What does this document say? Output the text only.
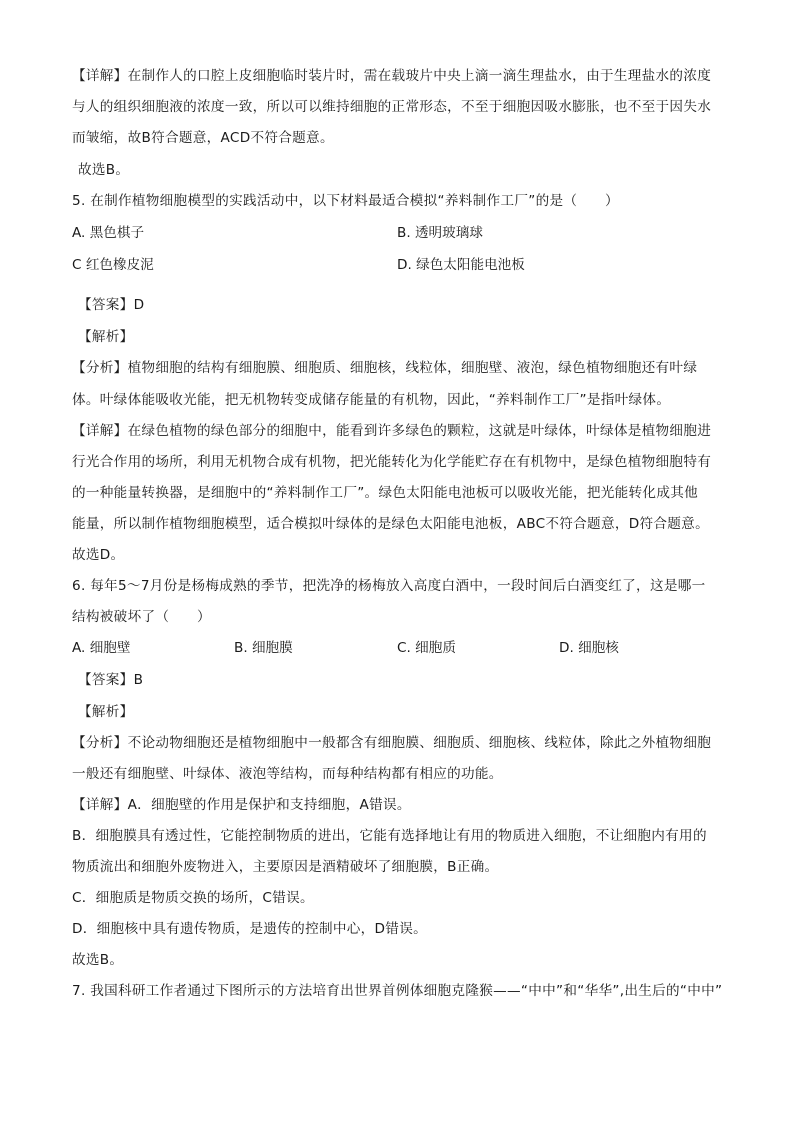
【详解】在制作人的口腔上皮细胞临时装片时，需在载玻片中央上滴一滴生理盐水，由于生理盐水的浓度
与人的组织细胞液的浓度一致，所以可以维持细胞的正常形态，不至于细胞因吸水膨胀，也不至于因失水
而皱缩，故B符合题意，ACD不符合题意。
故选B。
5. 在制作植物细胞模型的实践活动中，以下材料最适合模拟“养料制作工厂”的是（　　）
A. 黑色棋子	B. 透明玻璃球
C 红色橡皮泥	D. 绿色太阳能电池板
【答案】D
【解析】
【分析】植物细胞的结构有细胞膜、细胞质、细胞核，线粒体，细胞壁、液泡，绿色植物细胞还有叶绿
体。叶绿体能吸收光能，把无机物转变成储存能量的有机物，因此，“养料制作工厂”是指叶绿体。
【详解】在绿色植物的绿色部分的细胞中，能看到许多绿色的颗粒，这就是叶绿体，叶绿体是植物细胞进
行光合作用的场所，利用无机物合成有机物，把光能转化为化学能贮存在有机物中，是绿色植物细胞特有
的一种能量转换器，是细胞中的“养料制作工厂”。绿色太阳能电池板可以吸收光能，把光能转化成其他
能量，所以制作植物细胞模型，适合模拟叶绿体的是绿色太阳能电池板，ABC不符合题意，D符合题意。
故选D。
6. 每年5～7月份是杨梅成熟的季节，把洗净的杨梅放入高度白酒中，一段时间后白酒变红了，这是哪一
结构被破坏了（　　）
A. 细胞壁	B. 细胞膜	C. 细胞质	D. 细胞核
【答案】B
【解析】
【分析】不论动物细胞还是植物细胞中一般都含有细胞膜、细胞质、细胞核、线粒体，除此之外植物细胞
一般还有细胞壁、叶绿体、液泡等结构，而每种结构都有相应的功能。
【详解】A．细胞壁的作用是保护和支持细胞，A错误。
B．细胞膜具有透过性，它能控制物质的进出，它能有选择地让有用的物质进入细胞，不让细胞内有用的
物质流出和细胞外废物进入，主要原因是酒精破坏了细胞膜，B正确。
C．细胞质是物质交换的场所，C错误。
D．细胞核中具有遗传物质，是遗传的控制中心，D错误。
故选B。
7. 我国科研工作者通过下图所示的方法培育出世界首例体细胞克隆猴——“中中”和“华华”,出生后的“中中”
